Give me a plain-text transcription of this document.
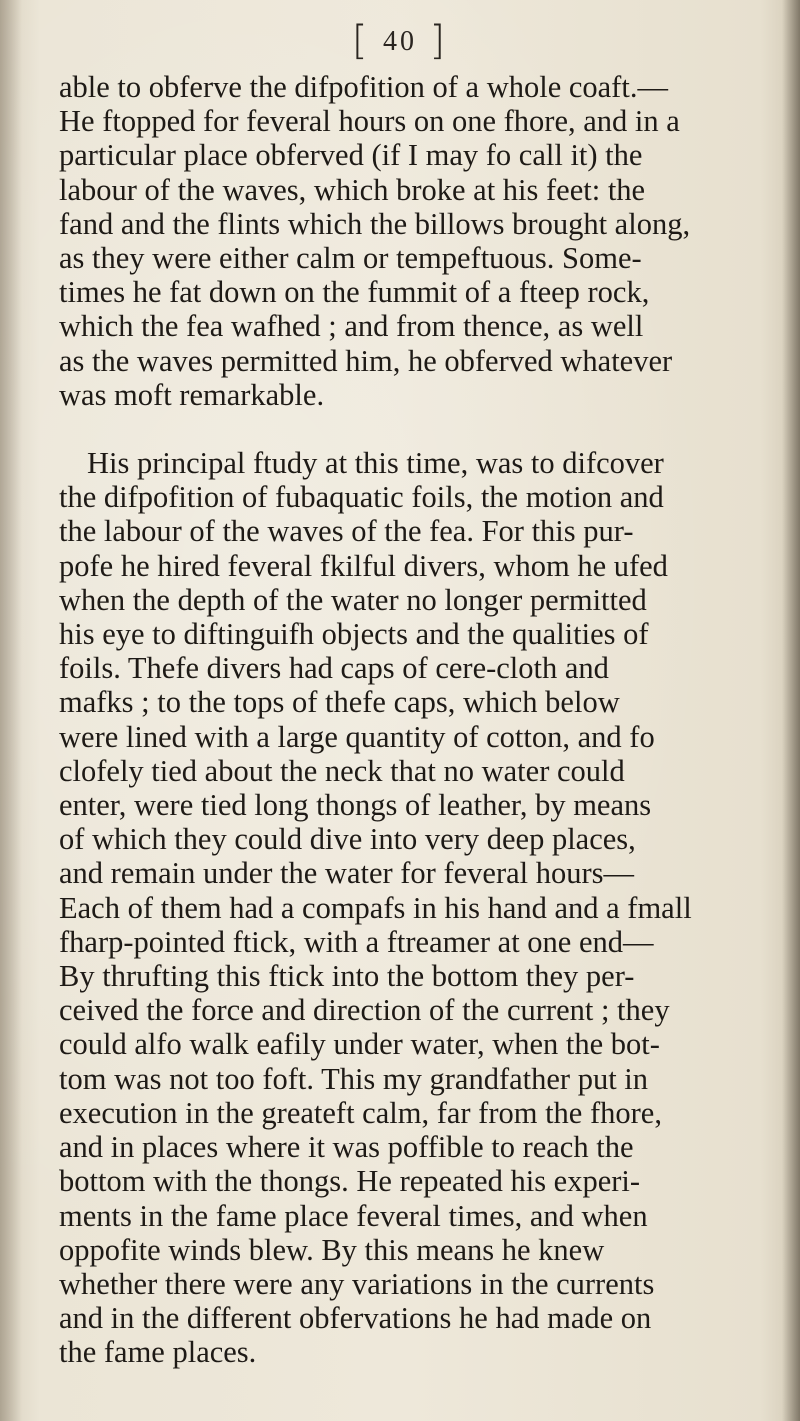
[ 40 ]
able to obferve the difpofition of a whole coaft.—
He ftopped for feveral hours on one fhore, and in a
particular place obferved (if I may fo call it) the
labour of the waves, which broke at his feet: the
fand and the flints which the billows brought along,
as they were either calm or tempeftuous. Some-
times he fat down on the fummit of a fteep rock,
which the fea wafhed ; and from thence, as well
as the waves permitted him, he obferved whatever
was moft remarkable.
His principal ftudy at this time, was to difcover
the difpofition of fubaquatic foils, the motion and
the labour of the waves of the fea. For this pur-
pofe he hired feveral fkilful divers, whom he ufed
when the depth of the water no longer permitted
his eye to diftinguifh objects and the qualities of
foils. Thefe divers had caps of cere-cloth and
mafks ; to the tops of thefe caps, which below
were lined with a large quantity of cotton, and fo
clofely tied about the neck that no water could
enter, were tied long thongs of leather, by means
of which they could dive into very deep places,
and remain under the water for feveral hours—
Each of them had a compafs in his hand and a fmall
fharp-pointed ftick, with a ftreamer at one end—
By thrufting this ftick into the bottom they per-
ceived the force and direction of the current ; they
could alfo walk eafily under water, when the bot-
tom was not too foft. This my grandfather put in
execution in the greateft calm, far from the fhore,
and in places where it was poffible to reach the
bottom with the thongs. He repeated his experi-
ments in the fame place feveral times, and when
oppofite winds blew. By this means he knew
whether there were any variations in the currents
and in the different obfervations he had made on
the fame places.
